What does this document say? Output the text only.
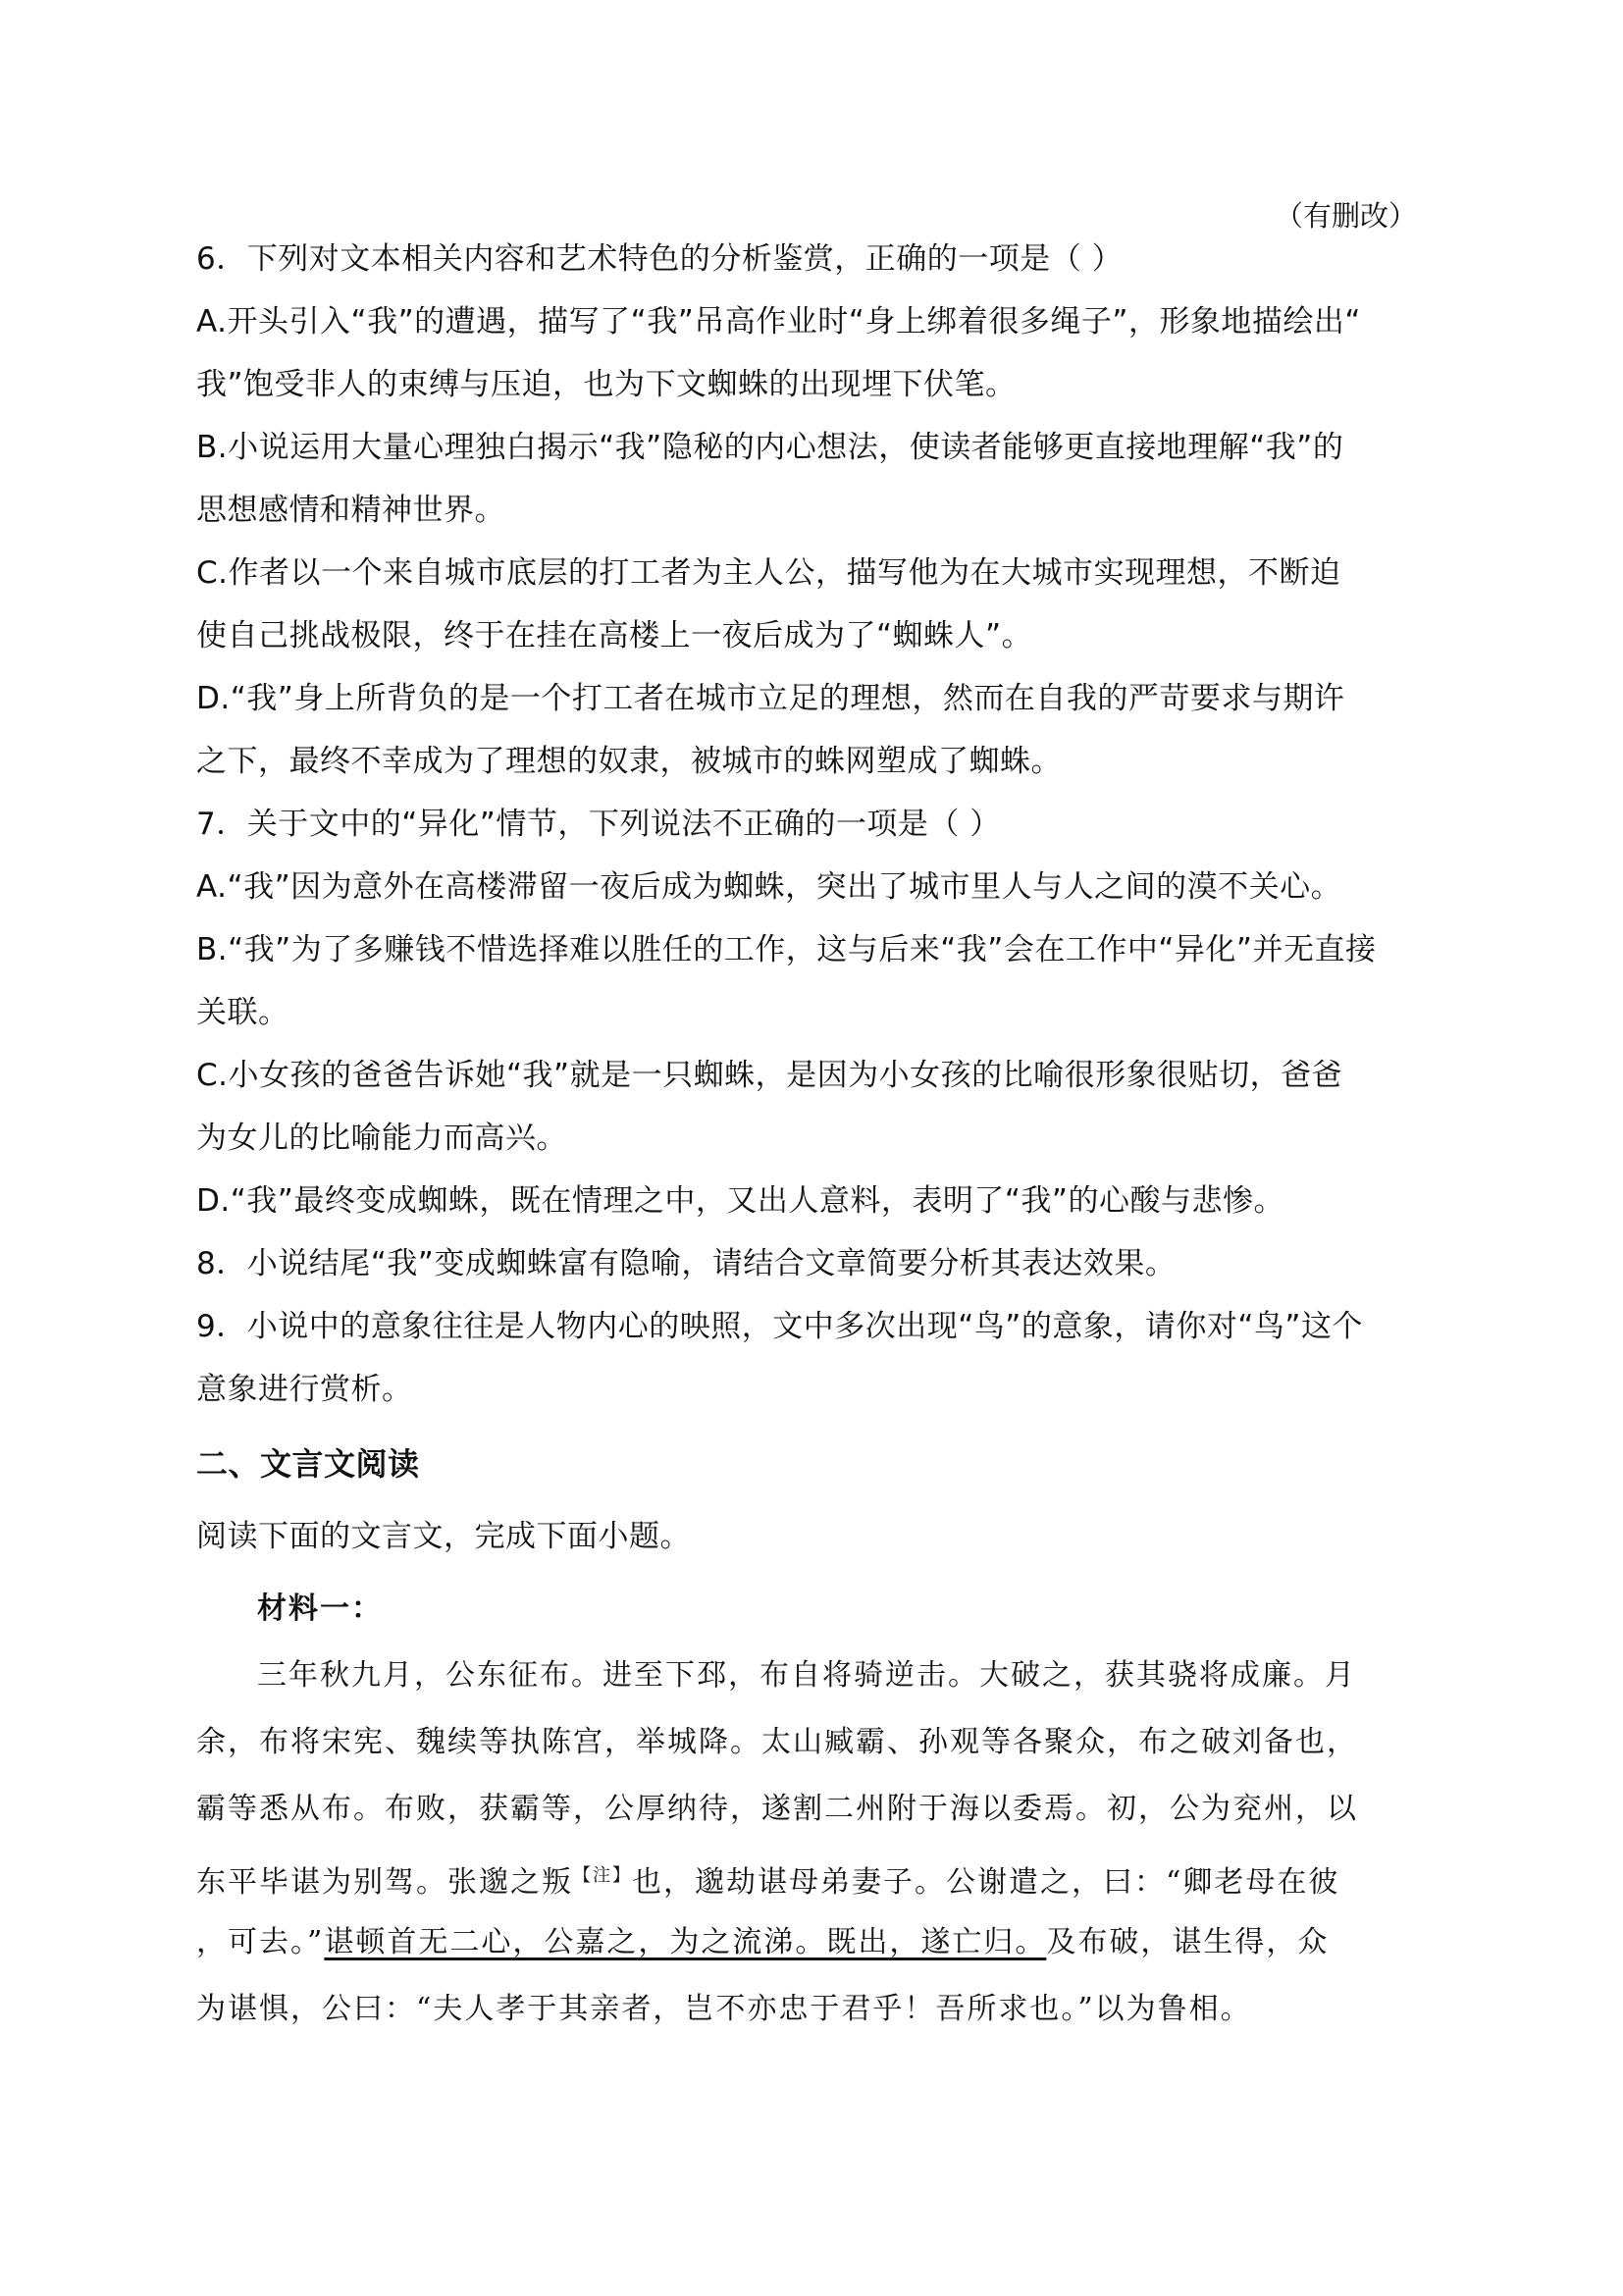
（有删改）
6．下列对文本相关内容和艺术特色的分析鉴赏，正确的一项是（ ）
A.开头引入“我”的遭遇，描写了“我”吊高作业时“身上绑着很多绳子”，形象地描绘出“
我”饱受非人的束缚与压迫，也为下文蜘蛛的出现埋下伏笔。
B.小说运用大量心理独白揭示“我”隐秘的内心想法，使读者能够更直接地理解“我”的
思想感情和精神世界。
C.作者以一个来自城市底层的打工者为主人公，描写他为在大城市实现理想，不断迫
使自己挑战极限，终于在挂在高楼上一夜后成为了“蜘蛛人”。
D.“我”身上所背负的是一个打工者在城市立足的理想，然而在自我的严苛要求与期许
之下，最终不幸成为了理想的奴隶，被城市的蛛网塑成了蜘蛛。
7．关于文中的“异化”情节，下列说法不正确的一项是（ ）
A.“我”因为意外在高楼滞留一夜后成为蜘蛛，突出了城市里人与人之间的漠不关心。
B.“我”为了多赚钱不惜选择难以胜任的工作，这与后来“我”会在工作中“异化”并无直接
关联。
C.小女孩的爸爸告诉她“我”就是一只蜘蛛，是因为小女孩的比喻很形象很贴切，爸爸
为女儿的比喻能力而高兴。
D.“我”最终变成蜘蛛，既在情理之中，又出人意料，表明了“我”的心酸与悲惨。
8．小说结尾“我”变成蜘蛛富有隐喻，请结合文章简要分析其表达效果。
9．小说中的意象往往是人物内心的映照，文中多次出现“鸟”的意象，请你对“鸟”这个
意象进行赏析。
二、文言文阅读
阅读下面的文言文，完成下面小题。
材料一：
三年秋九月，公东征布。进至下邳，布自将骑逆击。大破之，获其骁将成廉。月
余，布将宋宪、魏续等执陈宫，举城降。太山臧霸、孙观等各聚众，布之破刘备也，
霸等悉从布。布败，获霸等，公厚纳待，遂割二州附于海以委焉。初，公为兖州，以
东平毕谌为别驾。张邈之叛$^{【注】}$也，邈劫谌母弟妻子。公谢遣之，曰：“卿老母在彼
，可去。”谌顿首无二心，公嘉之，为之流涕。既出，遂亡归。及布破，谌生得，众
为谌惧，公曰：“夫人孝于其亲者，岂不亦忠于君乎！吾所求也。”以为鲁相。
